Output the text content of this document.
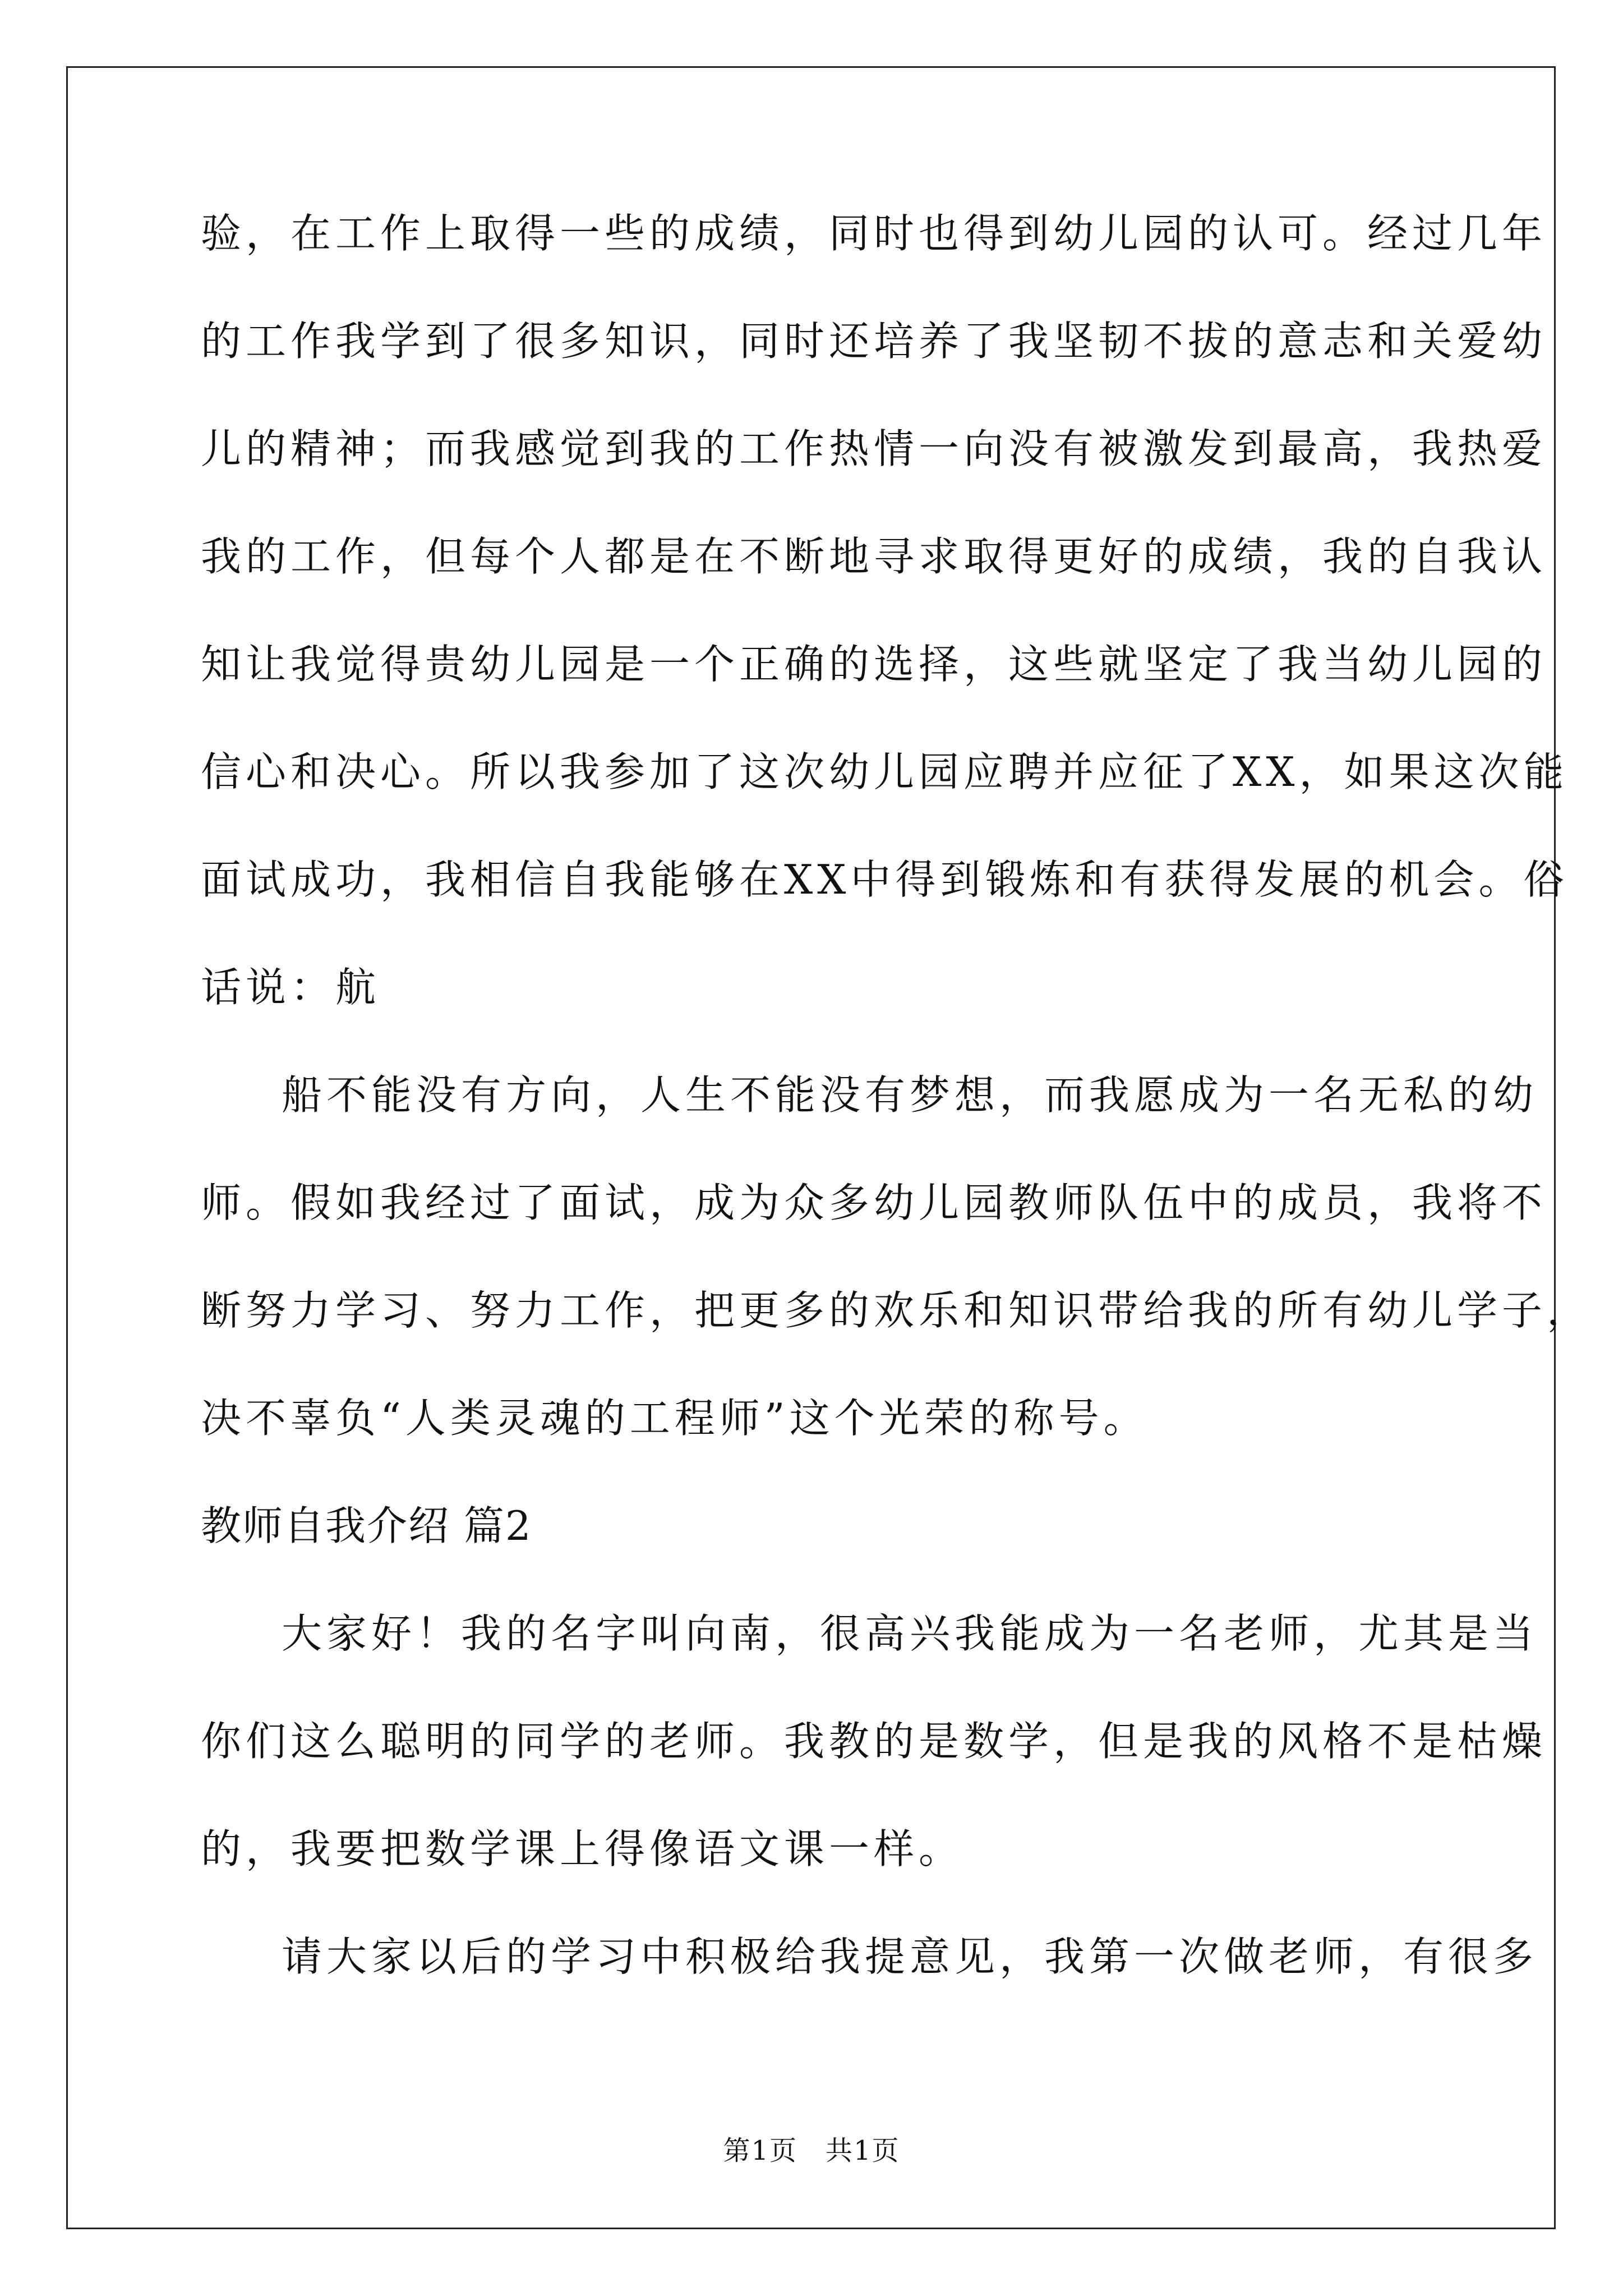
验，在工作上取得一些的成绩，同时也得到幼儿园的认可。经过几年
的工作我学到了很多知识，同时还培养了我坚韧不拔的意志和关爱幼
儿的精神；而我感觉到我的工作热情一向没有被激发到最高，我热爱
我的工作，但每个人都是在不断地寻求取得更好的成绩，我的自我认
知让我觉得贵幼儿园是一个正确的选择，这些就坚定了我当幼儿园的
信心和决心。所以我参加了这次幼儿园应聘并应征了XX，如果这次能
面试成功，我相信自我能够在XX中得到锻炼和有获得发展的机会。俗
话说：航
船不能没有方向，人生不能没有梦想，而我愿成为一名无私的幼
师。假如我经过了面试，成为众多幼儿园教师队伍中的成员，我将不
断努力学习、努力工作，把更多的欢乐和知识带给我的所有幼儿学子，
决不辜负“人类灵魂的工程师”这个光荣的称号。
教师自我介绍 篇2
大家好！我的名字叫向南，很高兴我能成为一名老师，尤其是当
你们这么聪明的同学的老师。我教的是数学，但是我的风格不是枯燥
的，我要把数学课上得像语文课一样。
请大家以后的学习中积极给我提意见，我第一次做老师，有很多
第1页　共1页
